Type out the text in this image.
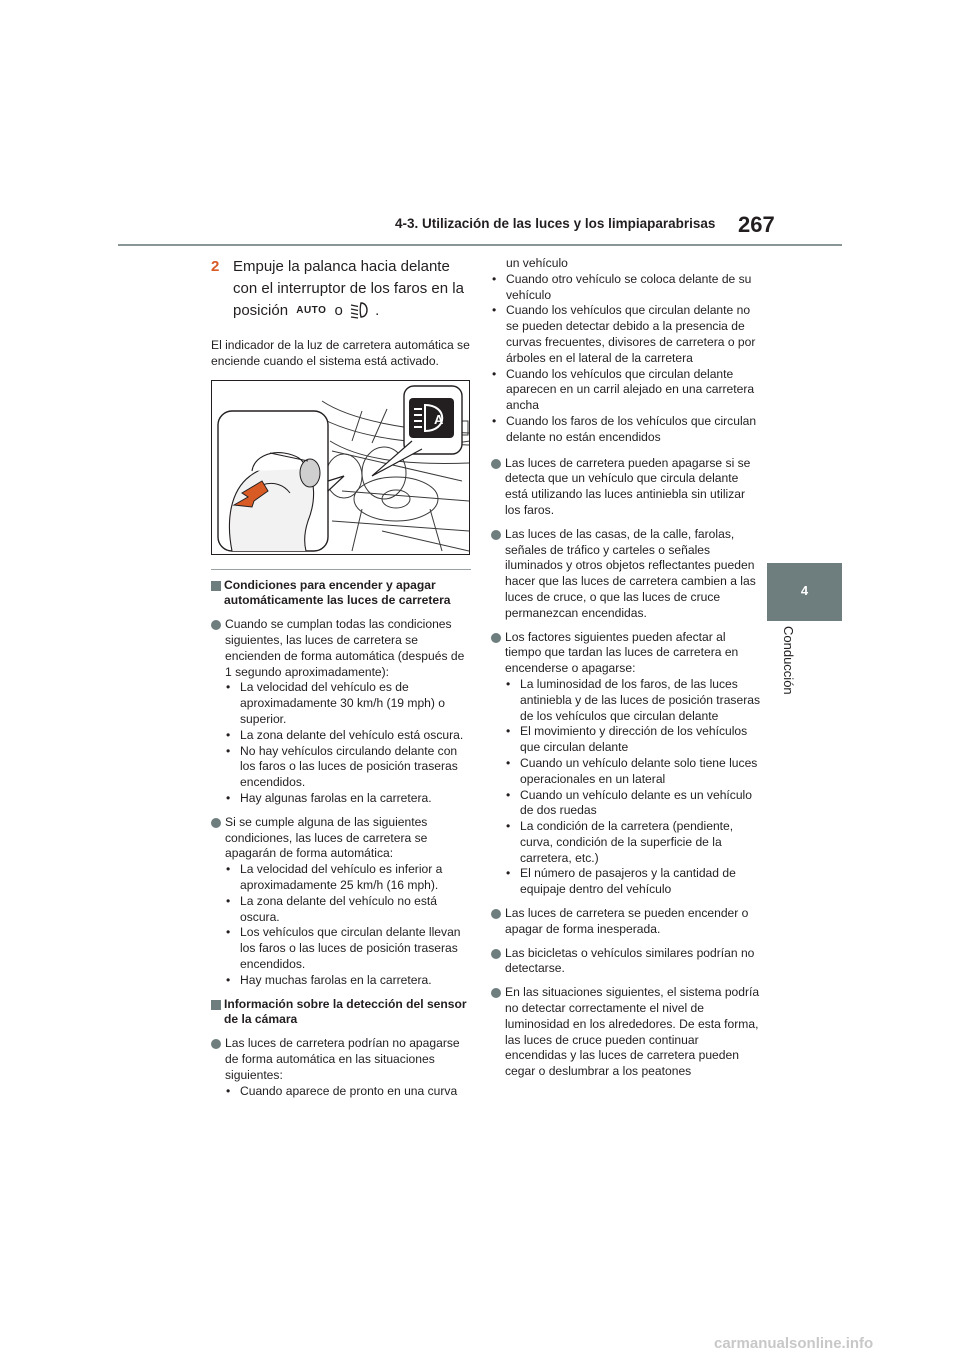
4-3. Utilización de las luces y los limpiaparabrisas 267
4
Conducción
2 Empuje la palanca hacia delante
con el interruptor de los faros en la
posición AUTO o .

El indicador de la luz de carretera automática se enciende cuando el sistema está activado.

A
Condiciones para encender y apagar automáticamente las luces de carretera
Cuando se cumplan todas las condiciones siguientes, las luces de carretera se encienden de forma automática (después de 1 segundo aproximadamente):
• La velocidad del vehículo es de aproximadamente 30 km/h (19 mph) o superior.
• La zona delante del vehículo está oscura.
• No hay vehículos circulando delante con los faros o las luces de posición traseras encendidos.
• Hay algunas farolas en la carretera.
Si se cumple alguna de las siguientes condiciones, las luces de carretera se apagarán de forma automática:
• La velocidad del vehículo es inferior a aproximadamente 25 km/h (16 mph).
• La zona delante del vehículo no está oscura.
• Los vehículos que circulan delante llevan los faros o las luces de posición traseras encendidos.
• Hay muchas farolas en la carretera.
Información sobre la detección del sensor de la cámara
Las luces de carretera podrían no apagarse de forma automática en las situaciones siguientes:
• Cuando aparece de pronto en una curva

un vehículo

• Cuando otro vehículo se coloca delante de su vehículo
• Cuando los vehículos que circulan delante no se pueden detectar debido a la presencia de curvas frecuentes, divisores de carretera o por árboles en el lateral de la carretera
• Cuando los vehículos que circulan delante aparecen en un carril alejado en una carretera ancha
• Cuando los faros de los vehículos que circulan delante no están encendidos
Las luces de carretera pueden apagarse si se detecta que un vehículo que circula delante está utilizando las luces antiniebla sin utilizar los faros.
Las luces de las casas, de la calle, farolas, señales de tráfico y carteles o señales iluminados y otros objetos reflectantes pueden hacer que las luces de carretera cambien a las luces de cruce, o que las luces de cruce permanezcan encendidas.
Los factores siguientes pueden afectar al tiempo que tardan las luces de carretera en encenderse o apagarse:
• La luminosidad de los faros, de las luces antiniebla y de las luces de posición traseras de los vehículos que circulan delante
• El movimiento y dirección de los vehículos que circulan delante
• Cuando un vehículo delante solo tiene luces operacionales en un lateral
• Cuando un vehículo delante es un vehículo de dos ruedas
• La condición de la carretera (pendiente, curva, condición de la superficie de la carretera, etc.)
• El número de pasajeros y la cantidad de equipaje dentro del vehículo
Las luces de carretera se pueden encender o apagar de forma inesperada.
Las bicicletas o vehículos similares podrían no detectarse.
En las situaciones siguientes, el sistema podría no detectar correctamente el nivel de luminosidad en los alrededores. De esta forma, las luces de cruce pueden continuar encendidas y las luces de carretera pueden cegar o deslumbrar a los peatones
carmanualsonline.info
